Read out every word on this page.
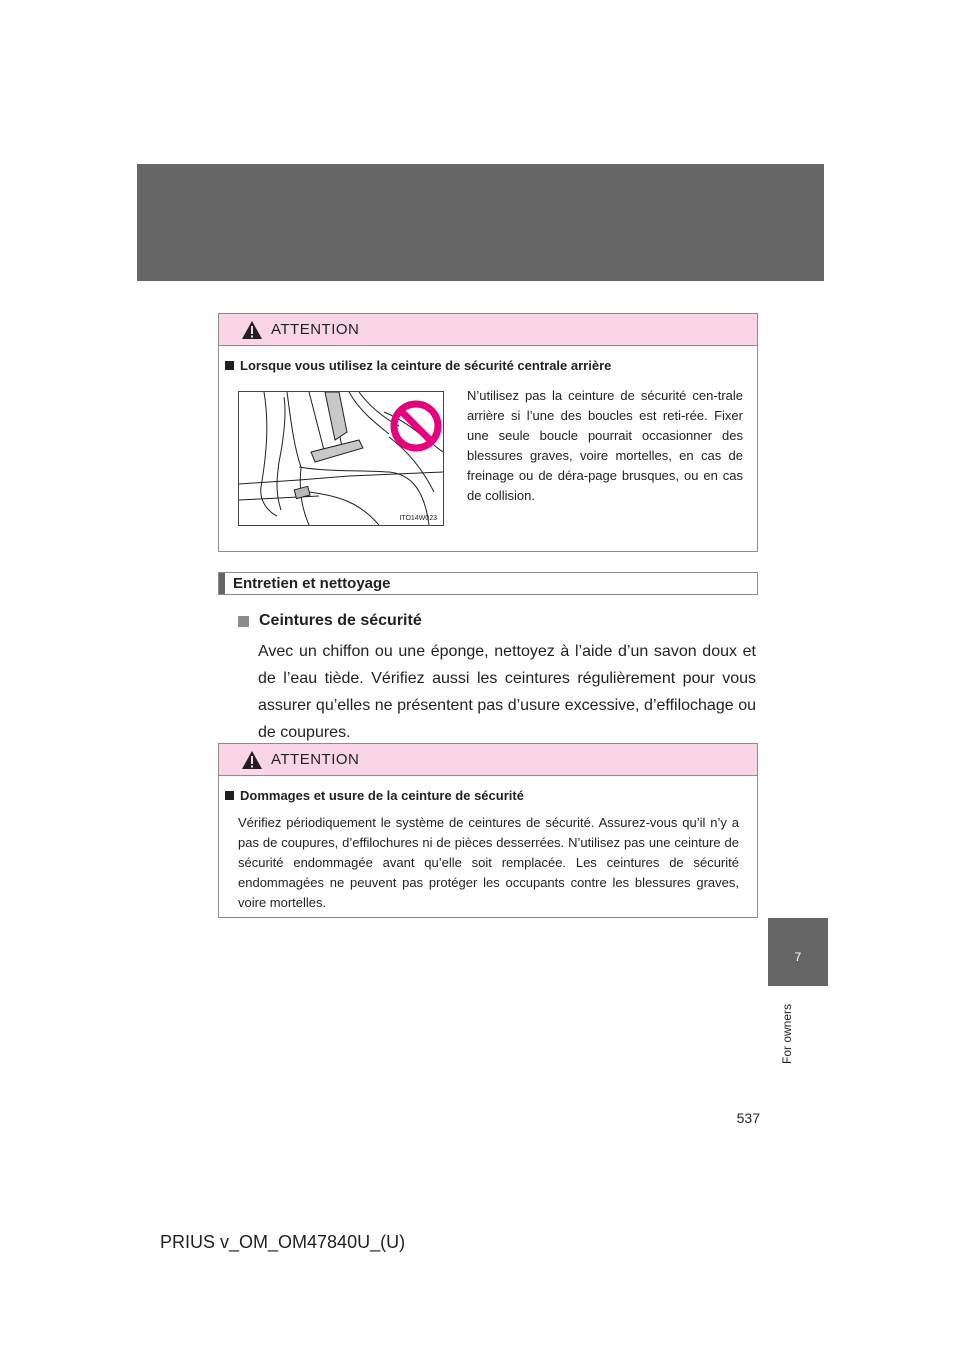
ATTENTION
Lorsque vous utilisez la ceinture de sécurité centrale arrière
ITO14W023
N’utilisez pas la ceinture de sécurité cen-trale arrière si l’une des boucles est reti-rée. Fixer une seule boucle pourrait occasionner des blessures graves, voire mortelles, en cas de freinage ou de déra-page brusques, ou en cas de collision.
Entretien et nettoyage
Ceintures de sécurité
Avec un chiffon ou une éponge, nettoyez à l’aide d’un savon doux et de l’eau tiède. Vérifiez aussi les ceintures régulièrement pour vous assurer qu’elles ne présentent pas d’usure excessive, d’effilochage ou de coupures.
ATTENTION
Dommages et usure de la ceinture de sécurité
Vérifiez périodiquement le système de ceintures de sécurité. Assurez-vous qu’il n’y a pas de coupures, d’effilochures ni de pièces desserrées. N’utilisez pas une ceinture de sécurité endommagée avant qu’elle soit remplacée. Les ceintures de sécurité endommagées ne peuvent pas protéger les occupants contre les blessures graves, voire mortelles.
7
For owners
537
PRIUS v_OM_OM47840U_(U)
